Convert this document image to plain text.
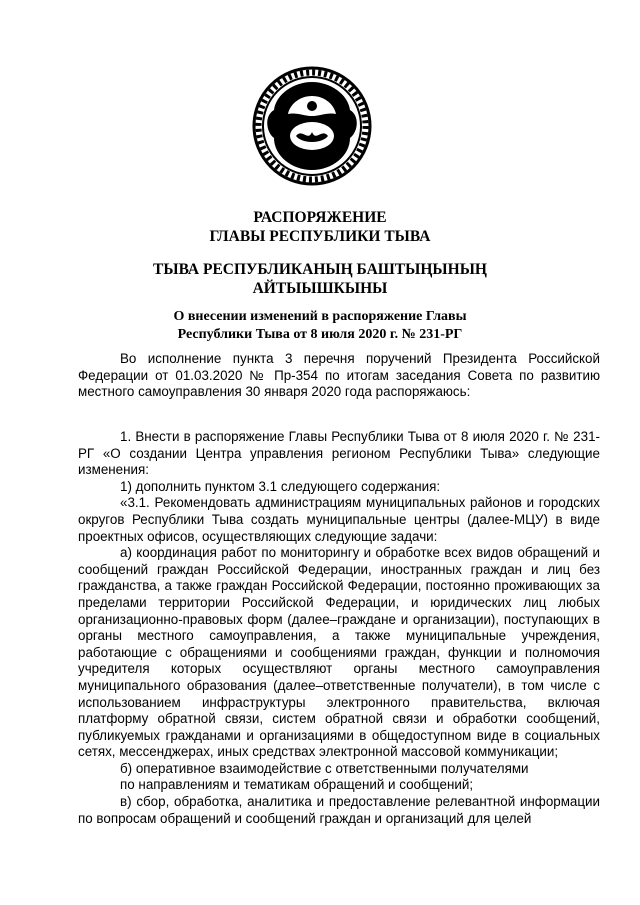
РАСПОРЯЖЕНИЕ
ГЛАВЫ РЕСПУБЛИКИ ТЫВА
ТЫВА РЕСПУБЛИКАНЫҢ БАШТЫҢЫНЫҢ
АЙТЫЫШКЫНЫ
О внесении изменений в распоряжение Главы
Республики Тыва от 8 июля 2020 г. № 231-РГ

Во исполнение пункта 3 перечня поручений Президента Российской Федерации от 01.03.2020 № Пр-354 по итогам заседания Совета по развитию местного самоуправления 30 января 2020 года распоряжаюсь:

1. Внести в распоряжение Главы Республики Тыва от 8 июля 2020 г. № 231-РГ «О создании Центра управления регионом Республики Тыва» следующие изменения:

1) дополнить пунктом 3.1 следующего содержания:

«3.1. Рекомендовать администрациям муниципальных районов и городских округов Республики Тыва создать муниципальные центры (далее-МЦУ) в виде проектных офисов, осуществляющих следующие задачи:

а) координация работ по мониторингу и обработке всех видов обращений и сообщений граждан Российской Федерации, иностранных граждан и лиц без гражданства, а также граждан Российской Федерации, постоянно проживающих за пределами территории Российской Федерации, и юридических лиц любых организационно-правовых форм (далее–граждане и организации), поступающих в органы местного самоуправления, а также муниципальные учреждения, работающие с обращениями и сообщениями граждан, функции и полномочия учредителя которых осуществляют органы местного самоуправления муниципального образования (далее–ответственные получатели), в том числе с использованием инфраструктуры электронного правительства, включая платформу обратной связи, систем обратной связи и обработки сообщений, публикуемых гражданами и организациями в общедоступном виде в социальных сетях, мессенджерах, иных средствах электронной массовой коммуникации;

б) оперативное взаимодействие с ответственными получателями

по направлениям и тематикам обращений и сообщений;

в) сбор, обработка, аналитика и предоставление релевантной информации по вопросам обращений и сообщений граждан и организаций для целей
